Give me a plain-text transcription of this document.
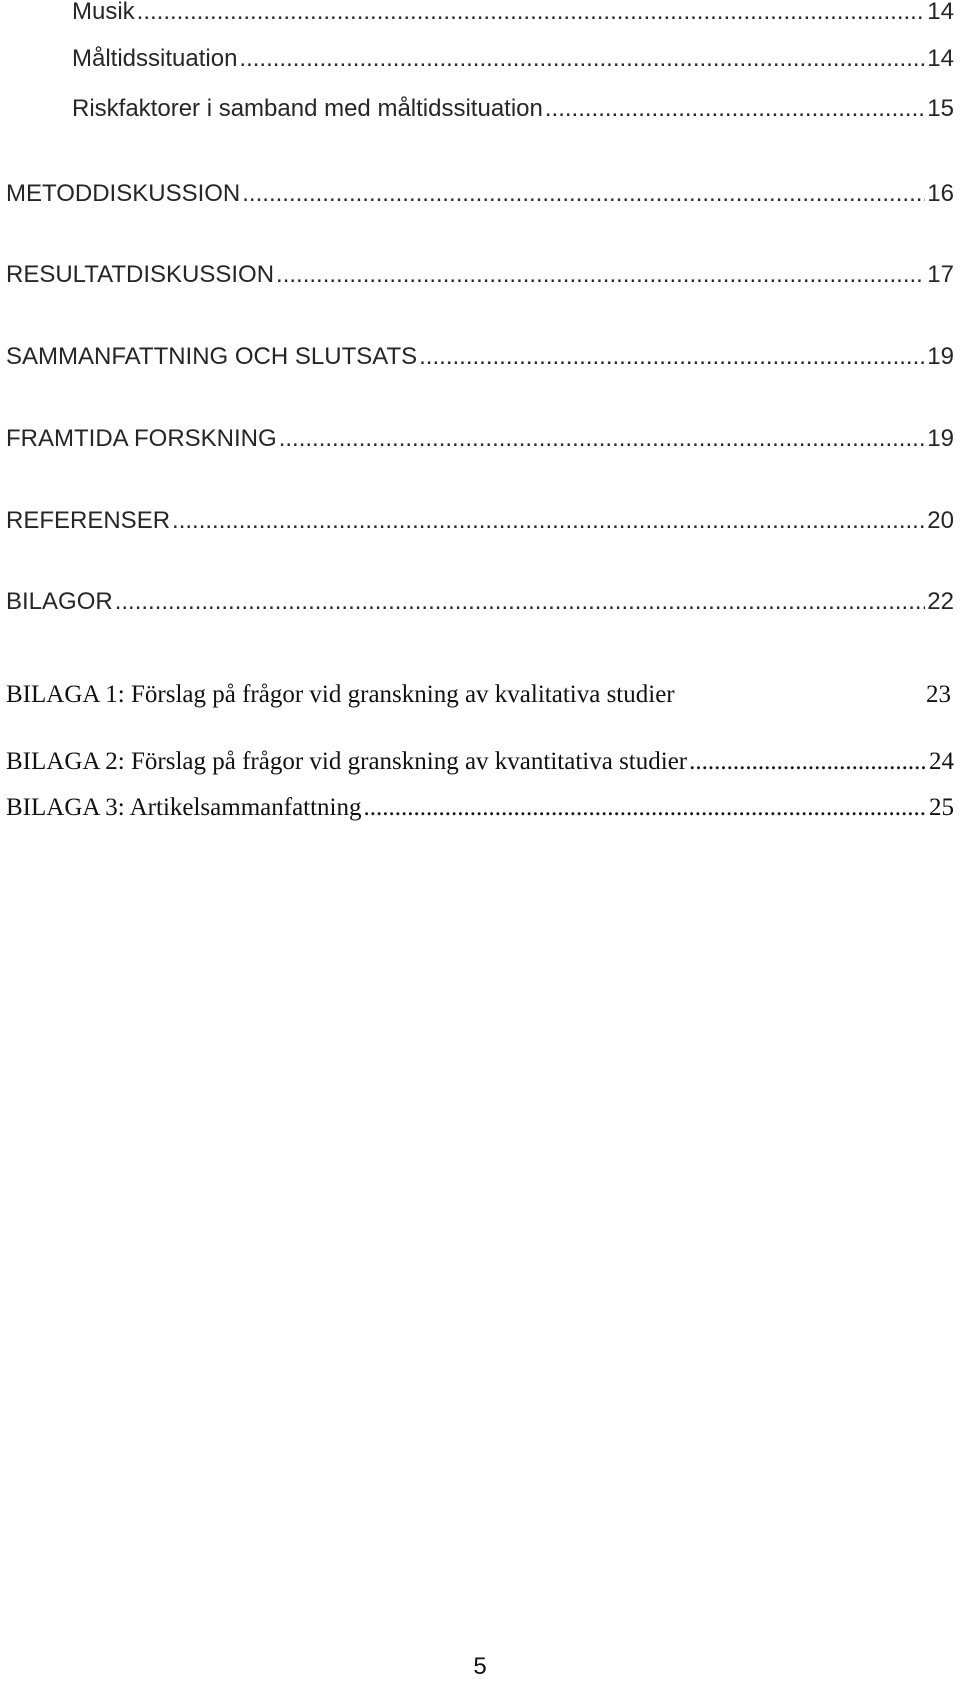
Musik .....	14
Måltidssituation .....	14
Riskfaktorer i samband med måltidssituation .....	15
METODDISKUSSION .....	16
RESULTATDISKUSSION .....	17
SAMMANFATTNING OCH SLUTSATS .....	19
FRAMTIDA FORSKNING .....	19
REFERENSER .....	20
BILAGOR .....	22
BILAGA 1: Förslag på frågor vid granskning av kvalitativa studier	23
BILAGA 2: Förslag på frågor vid granskning av kvantitativa studier .....	24
BILAGA 3: Artikelsammanfattning .....	25
5
